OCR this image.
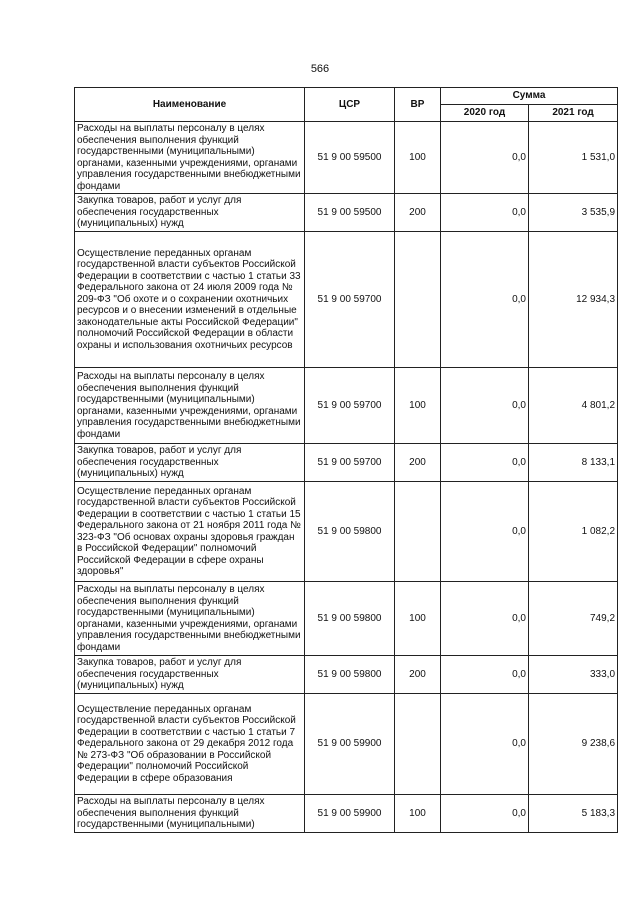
566
Наименование	ЦСР	ВР	Сумма	
			2020 год	2021 год
Расходы на выплаты персоналу в целях обеспечения выполнения функций государственными (муниципальными) органами, казенными учреждениями, органами управления государственными внебюджетными фондами	51 9 00 59500	100	0,0	1 531,0
Закупка товаров, работ и услуг для обеспечения государственных (муниципальных) нужд	51 9 00 59500	200	0,0	3 535,9
Осуществление переданных органам государственной власти субъектов Российской Федерации в соответствии с частью 1 статьи 33 Федерального закона от 24 июля 2009 года № 209-ФЗ "Об охоте и о сохранении охотничьих ресурсов и о внесении изменений в отдельные законодательные акты Российской Федерации" полномочий Российской Федерации в области охраны и использования охотничьих ресурсов	51 9 00 59700		0,0	12 934,3
Расходы на выплаты персоналу в целях обеспечения выполнения функций государственными (муниципальными) органами, казенными учреждениями, органами управления государственными внебюджетными фондами	51 9 00 59700	100	0,0	4 801,2
Закупка товаров, работ и услуг для обеспечения государственных (муниципальных) нужд	51 9 00 59700	200	0,0	8 133,1
Осуществление переданных органам государственной власти субъектов Российской Федерации в соответствии с частью 1 статьи 15 Федерального закона от 21 ноября 2011 года № 323-ФЗ "Об основах охраны здоровья граждан в Российской Федерации" полномочий Российской Федерации в сфере охраны здоровья"	51 9 00 59800		0,0	1 082,2
Расходы на выплаты персоналу в целях обеспечения выполнения функций государственными (муниципальными) органами, казенными учреждениями, органами управления государственными внебюджетными фондами	51 9 00 59800	100	0,0	749,2
Закупка товаров, работ и услуг для обеспечения государственных (муниципальных) нужд	51 9 00 59800	200	0,0	333,0
Осуществление переданных органам государственной власти субъектов Российской Федерации в соответствии с частью 1 статьи 7 Федерального закона от 29 декабря 2012 года № 273-ФЗ "Об образовании в Российской Федерации" полномочий Российской Федерации в сфере образования	51 9 00 59900		0,0	9 238,6
Расходы на выплаты персоналу в целях обеспечения выполнения функций государственными (муниципальными)	51 9 00 59900	100	0,0	5 183,3
